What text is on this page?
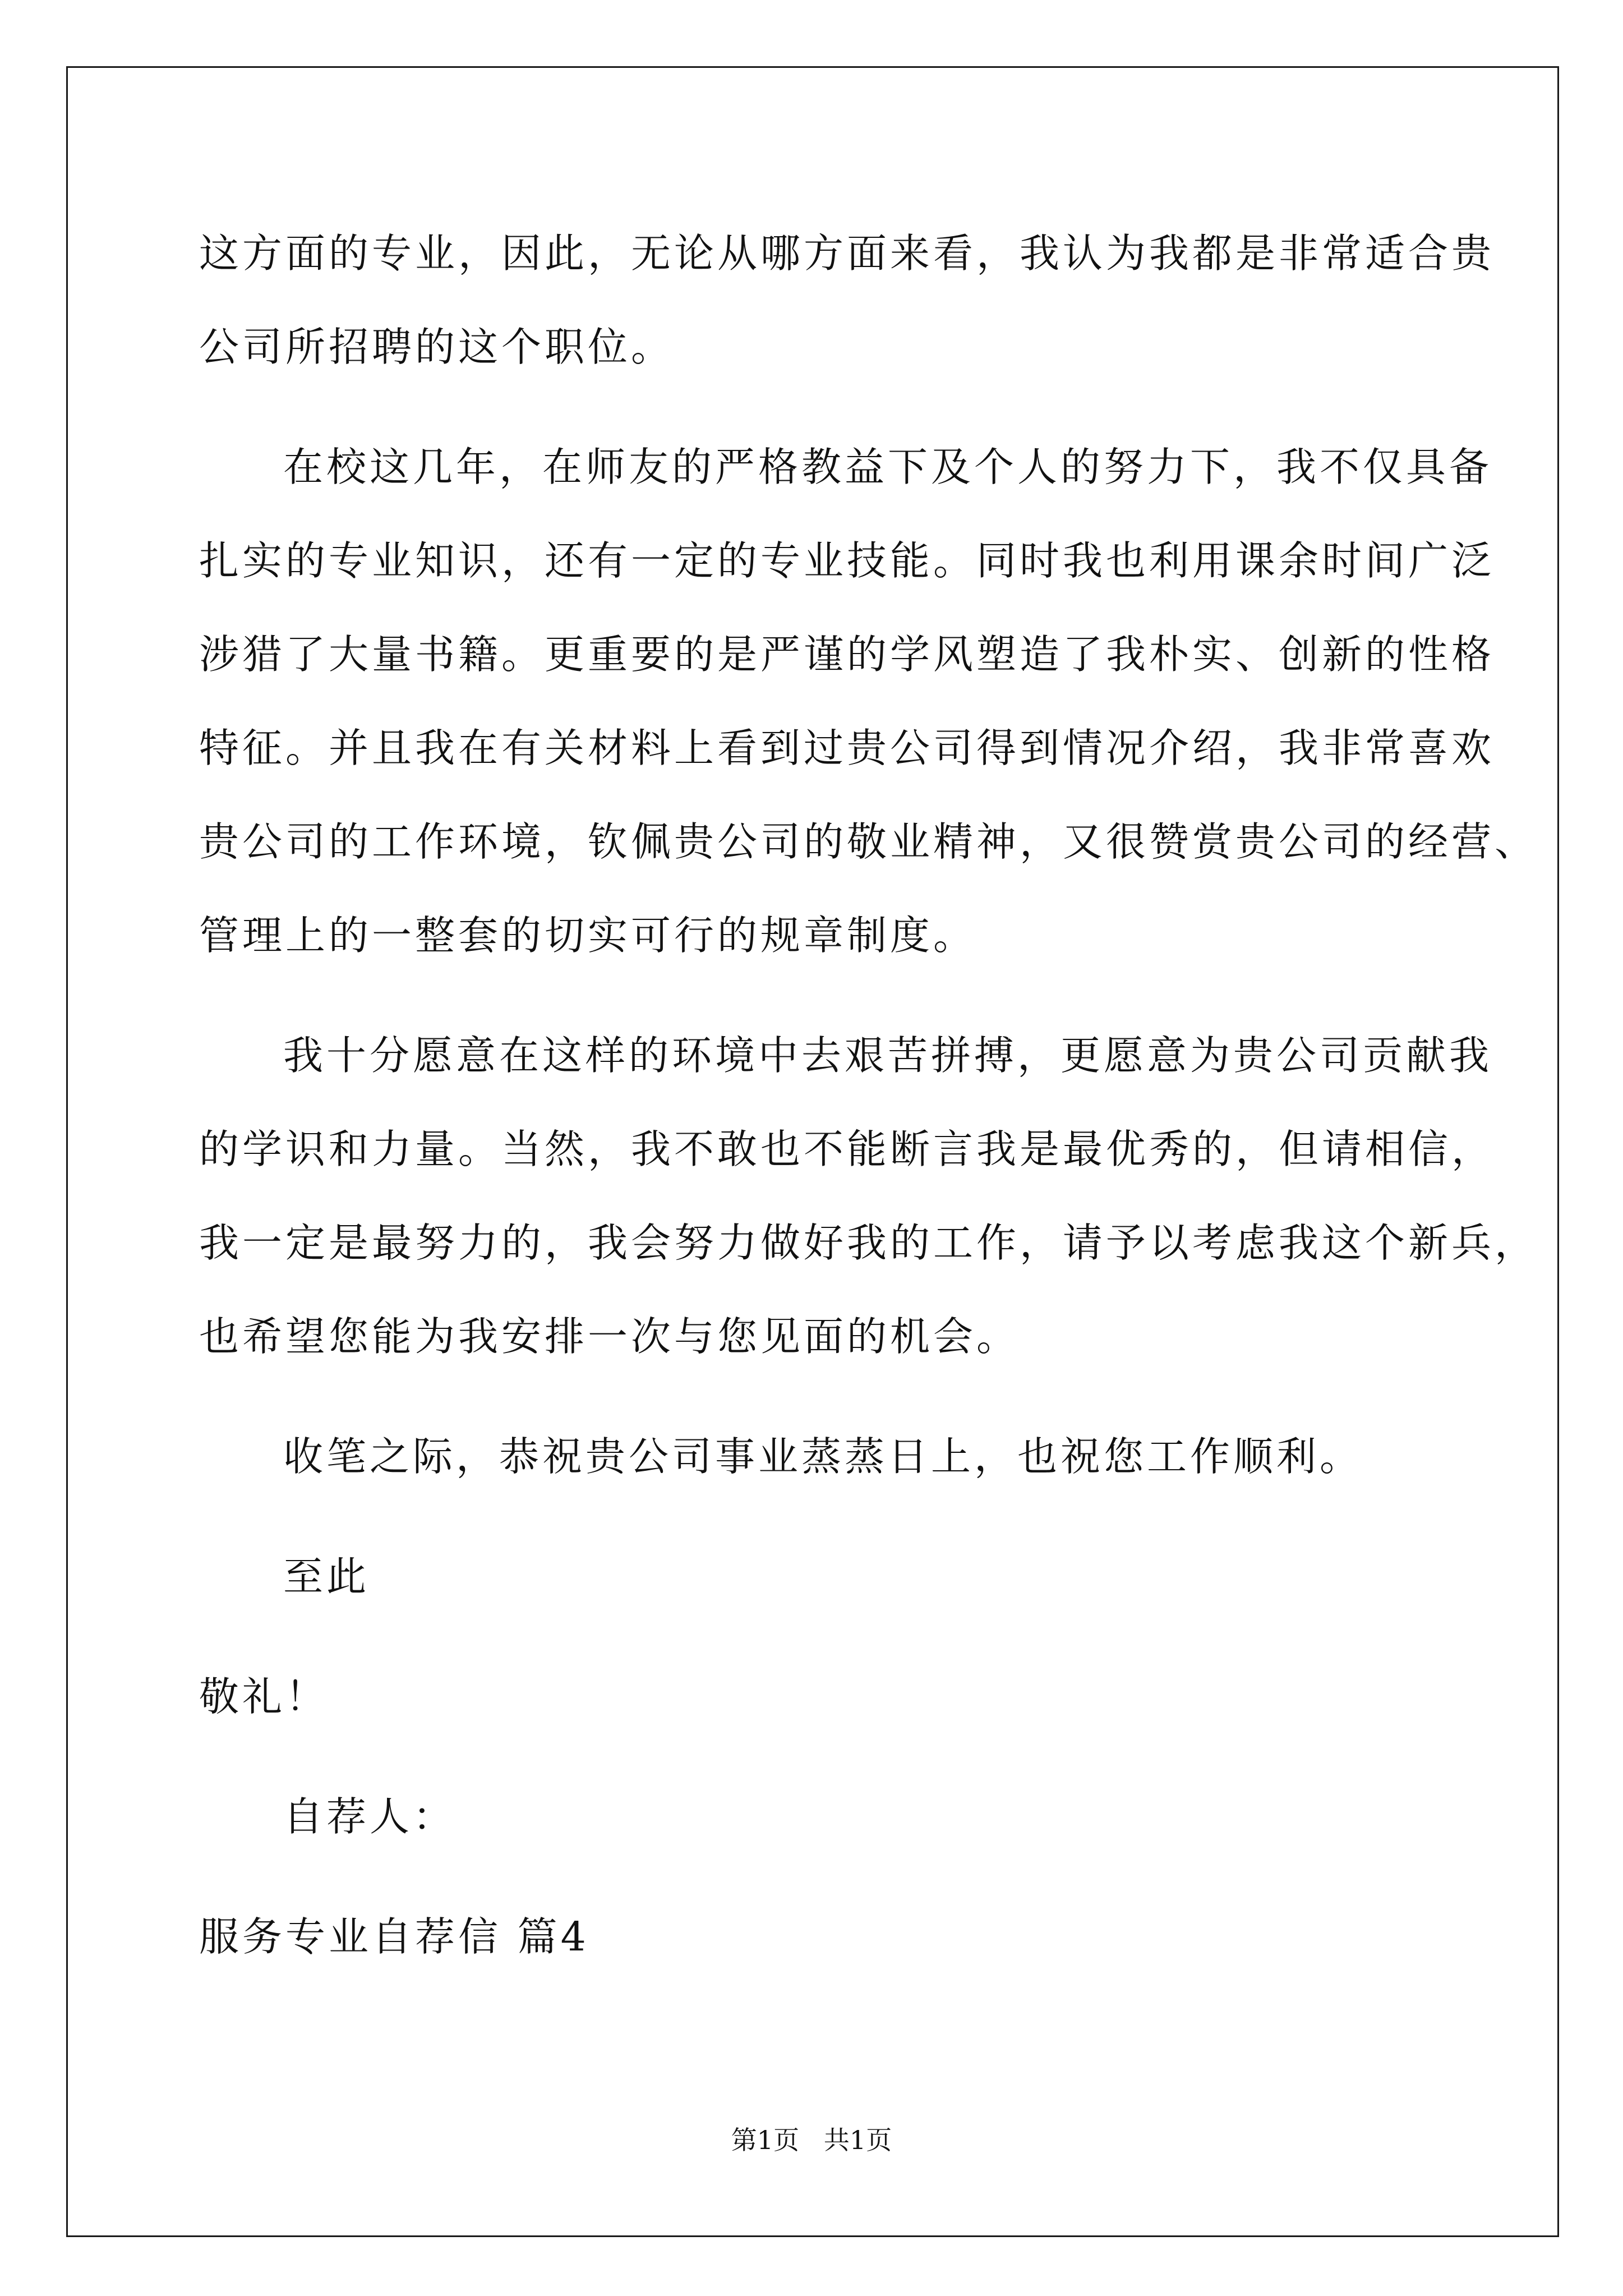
这方面的专业，因此，无论从哪方面来看，我认为我都是非常适合贵
公司所招聘的这个职位。
在校这几年，在师友的严格教益下及个人的努力下，我不仅具备
扎实的专业知识，还有一定的专业技能。同时我也利用课余时间广泛
涉猎了大量书籍。更重要的是严谨的学风塑造了我朴实、创新的性格
特征。并且我在有关材料上看到过贵公司得到情况介绍，我非常喜欢
贵公司的工作环境，钦佩贵公司的敬业精神，又很赞赏贵公司的经营、
管理上的一整套的切实可行的规章制度。
我十分愿意在这样的环境中去艰苦拼搏，更愿意为贵公司贡献我
的学识和力量。当然，我不敢也不能断言我是最优秀的，但请相信，
我一定是最努力的，我会努力做好我的工作，请予以考虑我这个新兵，
也希望您能为我安排一次与您见面的机会。
收笔之际，恭祝贵公司事业蒸蒸日上，也祝您工作顺利。
至此
敬礼！
自荐人：
服务专业自荐信 篇4
第1页   共1页
